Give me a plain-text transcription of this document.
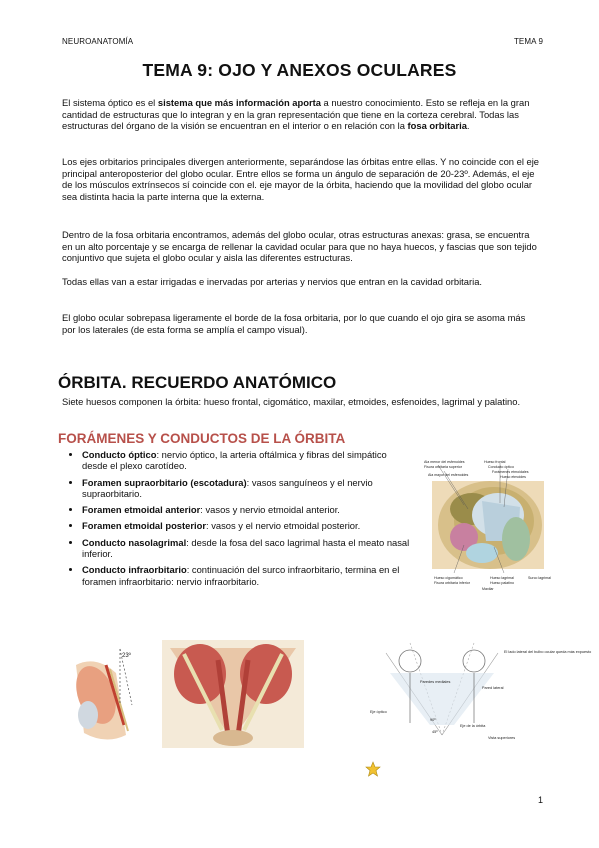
NEUROANATOMÍA	TEMA 9
TEMA 9: OJO Y ANEXOS OCULARES

El sistema óptico es el sistema que más información aporta a nuestro conocimiento. Esto se refleja en la gran cantidad de estructuras que lo integran y en la gran representación que tiene en la corteza cerebral. Todas las estructuras del órgano de la visión se encuentran en el interior o en relación con la fosa orbitaria.

Los ejes orbitarios principales divergen anteriormente, separándose las órbitas entre ellas. Y no coincide con el eje principal anteroposterior del globo ocular. Entre ellos se forma un ángulo de separación de 20-23º. Además, el eje de los músculos extrínsecos sí coincide con el. eje mayor de la órbita, haciendo que la movilidad del globo ocular sea distinta hacia la parte interna que la externa.

Dentro de la fosa orbitaria encontramos, además del globo ocular, otras estructuras anexas: grasa, se encuentra en un alto porcentaje y se encarga de rellenar la cavidad ocular para que no haya huecos, y fascias que son tejido conjuntivo que sujeta el globo ocular y aisla las diferentes estructuras.

Todas ellas van a estar irrigadas e inervadas por arterias y nervios que entran en la cavidad orbitaria.

El globo ocular sobrepasa ligeramente el borde de la fosa orbitaria, por lo que cuando el ojo gira se asoma más por los laterales (de esta forma se amplía el campo visual).

ÓRBITA. RECUERDO ANATÓMICO

Siete huesos componen la órbita: hueso frontal, cigomático, maxilar, etmoides, esfenoides, lagrimal y palatino.

FORÁMENES Y CONDUCTOS DE LA ÓRBITA
• Conducto óptico: nervio óptico, la arteria oftálmica y fibras del simpático desde el plexo carotídeo.
• Foramen supraorbitario (escotadura): vasos sanguíneos y el nervio supraorbitario.
• Foramen etmoidal anterior: vasos y nervio etmoidal anterior.
• Foramen etmoidal posterior: vasos y el nervio etmoidal posterior.
• Conducto nasolagrimal: desde la fosa del saco lagrimal hasta el meato nasal inferior.
• Conducto infraorbitario: continuación del surco infraorbitario, termina en el foramen infraorbitario: nervio infraorbitario.
Ala menor del esfenoides Fisura orbitaria superior Ala mayor del esfenoides Hueso frontal Conducto óptico Forámenes etmoidales Hueso etmoides Hueso cigomático Fisura orbitaria inferior Hueso lagrimal Hueso palatino Surco lagrimal Maxilar
23º
El lado lateral del bulbo ocular queda más expuesto Paredes mediales Pared lateral Eje óptico Eje de la órbita 90º 45º Vista superiores
1
